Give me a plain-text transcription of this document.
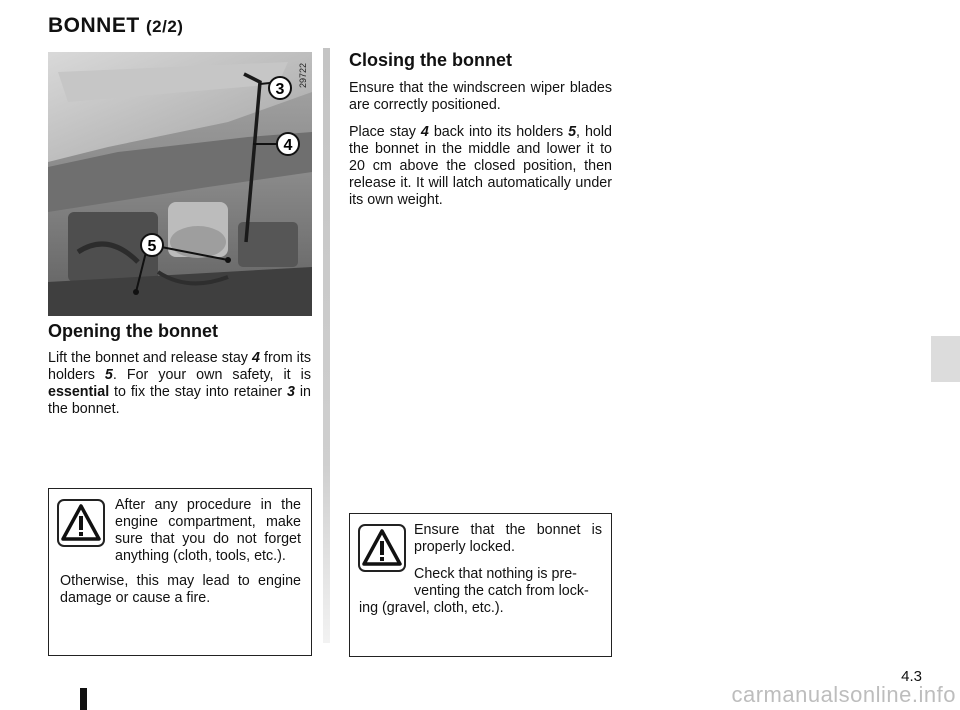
BONNET (2/2)
3
4
5
29722
Opening the bonnet

Lift the bonnet and release stay 4 from its holders 5. For your own safety, it is essential to fix the stay into retainer 3 in the bonnet.

Closing the bonnet

Ensure that the windscreen wiper blades are correctly positioned.

Place stay 4 back into its holders 5, hold the bonnet in the middle and lower it to 20 cm above the closed position, then release it. It will latch automatically under its own weight.

After any procedure in the engine compartment, make sure that you do not forget anything (cloth, tools, etc.).

Otherwise, this may lead to engine damage or cause a fire.

Ensure that the bonnet is properly locked.

Check that nothing is pre-

venting the catch from lock-

ing (gravel, cloth, etc.).

4.3
carmanualsonline.info
